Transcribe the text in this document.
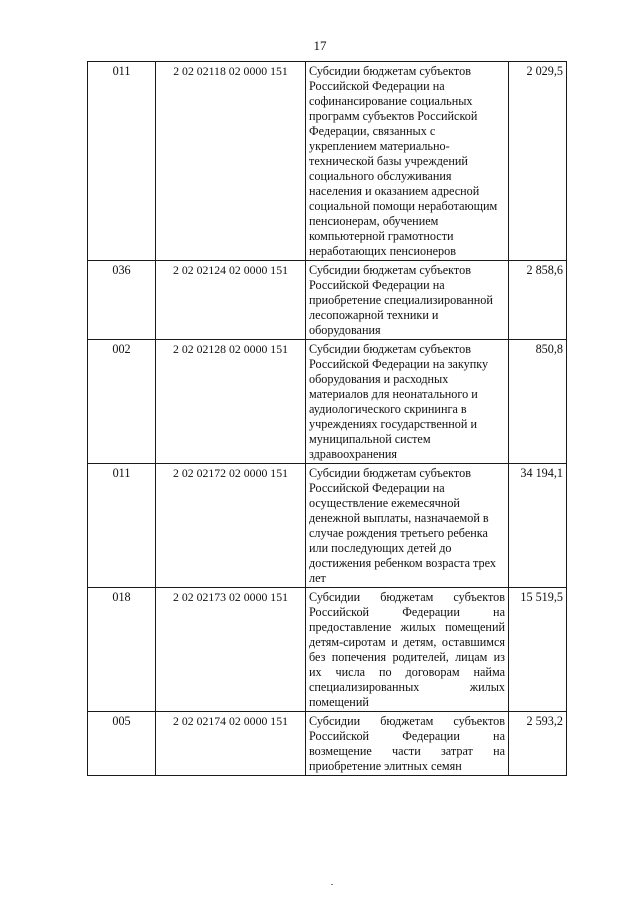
17
011	2 02 02118 02 0000 151	Субсидии бюджетам субъектов Российской Федерации на софинансирование социальных программ субъектов Российской Федерации, связанных с укреплением материально-технической базы учреждений социального обслуживания населения и оказанием адресной социальной помощи неработающим пенсионерам, обучением компьютерной грамотности неработающих пенсионеров	2 029,5
036	2 02 02124 02 0000 151	Субсидии бюджетам субъектов Российской Федерации на приобретение специализированной лесопожарной техники и оборудования	2 858,6
002	2 02 02128 02 0000 151	Субсидии бюджетам субъектов Российской Федерации на закупку оборудования и расходных материалов для неонатального и аудиологического скрининга в учреждениях государственной и муниципальной систем здравоохранения	850,8
011	2 02 02172 02 0000 151	Субсидии бюджетам субъектов Российской Федерации на осуществление ежемесячной денежной выплаты, назначаемой в случае рождения третьего ребенка или последующих детей до достижения ребенком возраста трех лет	34 194,1
018	2 02 02173 02 0000 151	Субсидии бюджетам субъектов Российской Федерации на предоставление жилых помещений детям-сиротам и детям, оставшимся без попечения родителей, лицам из их числа по договорам найма специализированных жилых помещений	15 519,5
005	2 02 02174 02 0000 151	Субсидии бюджетам субъектов Российской Федерации на возмещение части затрат на приобретение элитных семян	2 593,2
